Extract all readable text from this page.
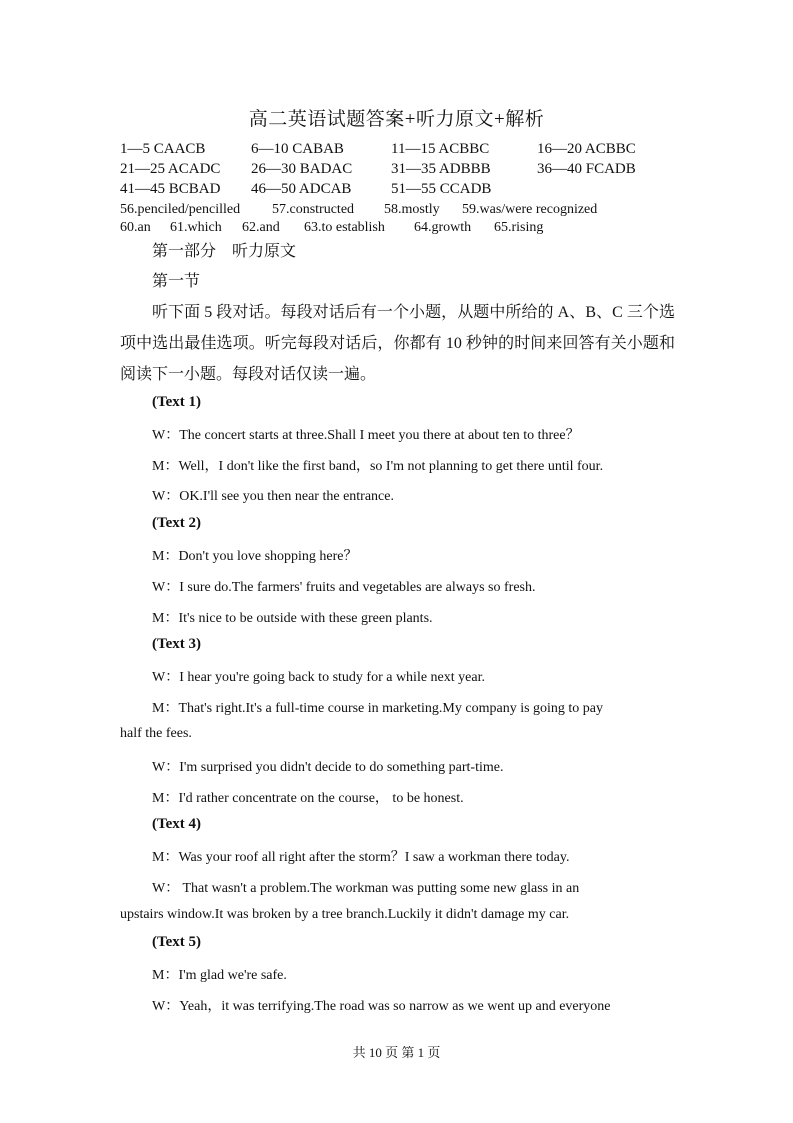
高二英语试题答案+听力原文+解析
1—5 CAACB	6—10 CABAB	11—15 ACBBC	16—20 ACBBC
21—25 ACADC 26—30 BADAC	31—35 ADBBB	36—40 FCADB
41—45 BCBAD 46—50 ADCAB	51—55 CCADB
56.penciled/pencilled 57.constructed 58.mostly 59.was/were recognized
60.an 61.which 62.and 63.to establish 64.growth 65.rising
第一部分　听力原文
第一节
听下面 5 段对话。每段对话后有一个小题，从题中所给的 A、B、C 三个选项中选出最佳选项。听完每段对话后，你都有 10 秒钟的时间来回答有关小题和阅读下一小题。每段对话仅读一遍。
(Text 1)
W：The concert starts at three.Shall I meet you there at about ten to three？
M：Well，I don't like the first band，so I'm not planning to get there until four.
W：OK.I'll see you then near the entrance.
(Text 2)
M：Don't you love shopping here？
W：I sure do.The farmers' fruits and vegetables are always so fresh.
M：It's nice to be outside with these green plants.
(Text 3)
W：I hear you're going back to study for a while next year.
M：That's right.It's a full-time course in marketing.My company is going to pay
half the fees.
W：I'm surprised you didn't decide to do something part-time.
M：I'd rather concentrate on the course， to be honest.
(Text 4)
M：Was your roof all right after the storm？I saw a workman there today.
W： That wasn't a problem.The workman was putting some new glass in an
upstairs window.It was broken by a tree branch.Luckily it didn't damage my car.
(Text 5)
M：I'm glad we're safe.
W：Yeah，it was terrifying.The road was so narrow as we went up and everyone
共 10 页 第 1 页
